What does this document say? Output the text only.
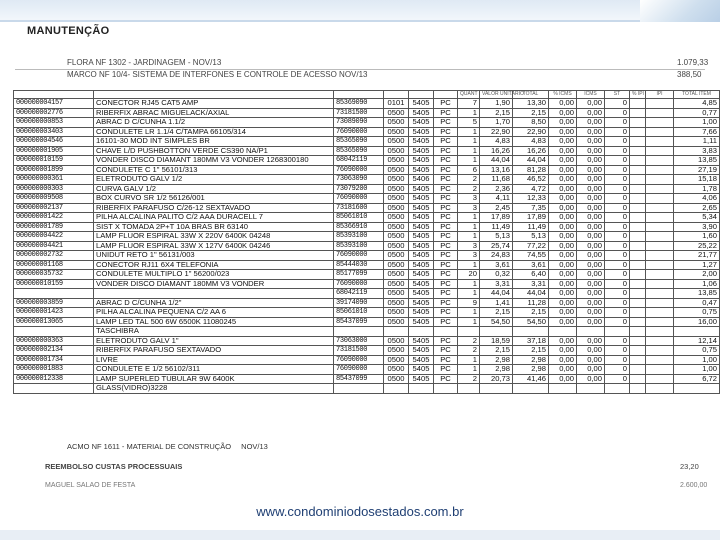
MANUTENÇÃO
FLORA NF 1302 - JARDINAGEM - NOV/13	1.079,33
MARCO NF 10/4- SISTEMA DE INTERFONES E CONTROLE DE ACESSO NOV/13	388,50
						QUANT	VALOR UNITÁRIO	TOTAL	% ICMS	ICMS	ST	% IPI	IPI	TOTAL ITEM
000000004157	CONECTOR RJ45 CAT5 AMP	85369090	0101	5405	PC	7	1,90	13,30	0,00	0,00	0			4,85
000000002776	RIBERFIX ABRAC MIGUELACK/AXIAL	73181500	0500	5405	PC	1	2,15	2,15	0,00	0,00	0			0,77
000000000853	ABRAC D C/CUNHA 1.1/2	73089090	0500	5405	PC	5	1,70	8,50	0,00	0,00	0			1,00
000000003403	CONDULETE LR 1.1/4 C/TAMPA 66105/314	76090000	0500	5405	PC	1	22,90	22,90	0,00	0,00	0			7,66
000000004546	16101-30 MOD INT SIMPLES BR	85365090	0500	5405	PC	1	4,83	4,83	0,00	0,00	0			1,11
000000001905	CHAVE L/D PUSHBOTTON VERDE CS390 NA/P1	85365090	0500	5405	PC	1	16,26	16,26	0,00	0,00	0			3,83
000000010159	VONDER DISCO DIAMANT 180MM V3 VONDER 1268300180	68042119	0500	5405	PC	1	44,04	44,04	0,00	0,00	0			13,85
000000001899	CONDULETE C 1" 56101/313	76090000	0500	5405	PC	6	13,16	81,28	0,00	0,00	0			27,19
000000000361	ELETRODUTO GALV 1/2	73063090	0500	5406	PC	2	11,68	46,52	0,00	0,00	0			15,18
000000000303	CURVA GALV 1/2	73079200	0500	5405	PC	2	2,36	4,72	0,00	0,00	0			1,78
000000009508	BOX CURVO SR 1/2 56126/001	76090000	0500	5405	PC	3	4,11	12,33	0,00	0,00	0			4,06
000000002137	RIBERFIX PARAFUSO C/26-12 SEXTAVADO	73181600	0500	5405	PC	3	2,45	7,35	0,00	0,00	0			2,65
000000001422	PILHA ALCALINA PALITO C/2 AAA DURACELL 7	85061010	0500	5405	PC	1	17,89	17,89	0,00	0,00	0			5,34
000000001789	SIST X TOMADA 2P+T 10A BRAS BR 63140	85366910	0500	5405	PC	1	11,49	11,49	0,00	0,00	0			3,90
000000004422	LAMP FLUOR ESPIRAL 33W X 220V 6400K 04248	85393100	0500	5405	PC	1	5,13	5,13	0,00	0,00	0			1,60
000000004421	LAMP FLUOR ESPIRAL 33W X 127V 6400K 04246	85393100	0500	5405	PC	3	25,74	77,22	0,00	0,00	0			25,22
000000002732	UNIDUT RETO 1" 56131/003	76090000	0500	5405	PC	3	24,83	74,55	0,00	0,00	0			21,77
000000001168	CONECTOR RJ11 6X4 TELEFONIA	85444030	0500	5405	PC	1	3,61	3,61	0,00	0,00	0			1,27
000000035732	CONDULETE MULTIPLO 1" 56200/023	85177099	0500	5405	PC	20	0,32	6,40	0,00	0,00	0			2,00
000000010159	VONDER DISCO DIAMANT 180MM V3 VONDER	76090000	0500	5405	PC	1	3,31	3,31	0,00	0,00	0			1,06
		68042119	0500	5405	PC	1	44,04	44,04	0,00	0,00	0			13,85
000000003859	ABRAC D C/CUNHA 1/2"	39174090	0500	5405	PC	9	1,41	11,28	0,00	0,00	0			0,47
000000001423	PILHA ALCALINA PEQUENA C/2 AA 6	85061010	0500	5405	PC	1	2,15	2,15	0,00	0,00	0			0,75
000000013065	LAMP LED TAL 500 6W 6500K 11080245	85437099	0500	5405	PC	1	54,50	54,50	0,00	0,00	0			16,00
	TASCHIBRA													
000000000363	ELETRODUTO GALV 1"	73063000	0500	5405	PC	2	18,59	37,18	0,00	0,00	0			12,14
000000002134	RIBERFIX PARAFUSO SEXTAVADO	73181500	0500	5405	PC	2	2,15	2,15	0,00	0,00	0			0,75
000000001734	LIVRE	76090000	0500	5405	PC	1	2,98	2,98	0,00	0,00	0			1,00
000000001883	CONDULETE E 1/2 56102/311	76090000	0500	5405	PC	1	2,98	2,98	0,00	0,00	0			1,00
000000012338	LAMP SUPERLED TUBULAR 9W 6400K	85437099	0500	5405	PC	2	20,73	41,46	0,00	0,00	0			6,72
	GLASS(VIDRO)3228													
ACMO NF 1611 - MATERIAL DE CONSTRUÇÃO NOV/13
REEMBOLSO CUSTAS PROCESSUAIS	23,20
MAGUEL SALAO DE FESTA	2.600,00
www.condominiodosestados.com.br
